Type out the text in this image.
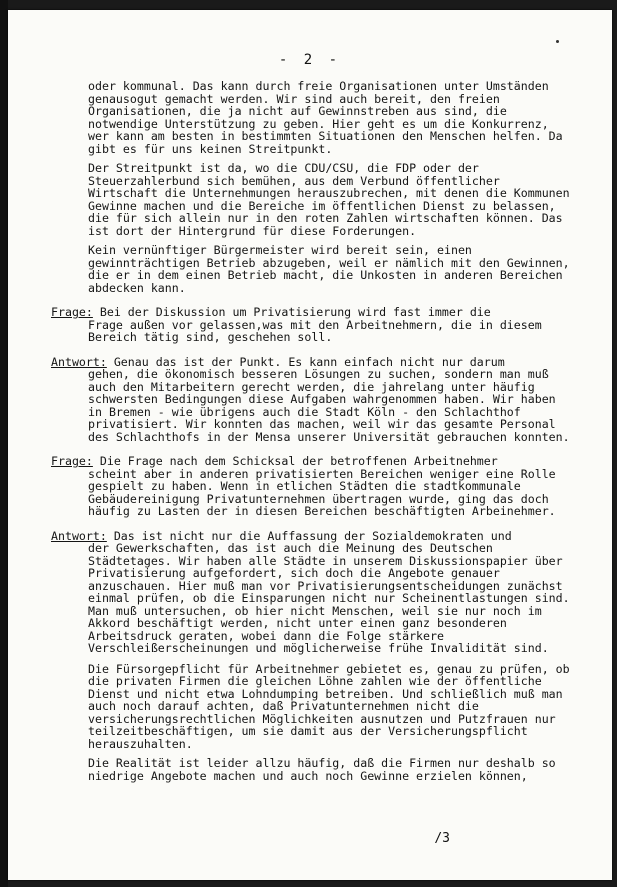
- 2 -

oder kommunal. Das kann durch freie Organisationen unter Umständen genausogut gemacht werden. Wir sind auch bereit, den freien Organisationen, die ja nicht auf Gewinnstreben aus sind, die notwendige Unterstützung zu geben. Hier geht es um die Konkurrenz, wer kann am besten in bestimmten Situationen den Menschen helfen. Da gibt es für uns keinen Streitpunkt.

Der Streitpunkt ist da, wo die CDU/CSU, die FDP oder der Steuerzahlerbund sich bemühen, aus dem Verbund öffentlicher Wirtschaft die Unternehmungen herauszubrechen, mit denen die Kommunen Gewinne machen und die Bereiche im öffentlichen Dienst zu belassen, die für sich allein nur in den roten Zahlen wirtschaften können. Das ist dort der Hintergrund für diese Forderungen.

Kein vernünftiger Bürgermeister wird bereit sein, einen gewinnträchtigen Betrieb abzugeben, weil er nämlich mit den Gewinnen, die er in dem einen Betrieb macht, die Unkosten in anderen Bereichen abdecken kann.

Frage: Bei der Diskussion um Privatisierung wird fast immer die
Frage außen vor gelassen,was mit den Arbeitnehmern, die in diesem Bereich tätig sind, geschehen soll.
Antwort: Genau das ist der Punkt. Es kann einfach nicht nur darum
gehen, die ökonomisch besseren Lösungen zu suchen, sondern man muß auch den Mitarbeitern gerecht werden, die jahrelang unter häufig schwersten Bedingungen diese Aufgaben wahrgenommen haben. Wir haben in Bremen - wie übrigens auch die Stadt Köln - den Schlachthof privatisiert. Wir konnten das machen, weil wir das gesamte Personal des Schlachthofs in der Mensa unserer Universität gebrauchen konnten.
Frage: Die Frage nach dem Schicksal der betroffenen Arbeitnehmer
scheint aber in anderen privatisierten Bereichen weniger eine Rolle gespielt zu haben. Wenn in etlichen Städten die stadtkommunale Gebäudereinigung Privatunternehmen übertragen wurde, ging das doch häufig zu Lasten der in diesen Bereichen beschäftigten Arbeinehmer.
Antwort: Das ist nicht nur die Auffassung der Sozialdemokraten und
der Gewerkschaften, das ist auch die Meinung des Deutschen Städtetages. Wir haben alle Städte in unserem Diskussionspapier über Privatisierung aufgefordert, sich doch die Angebote genauer anzuschauen. Hier muß man vor Privatisierungsentscheidungen zunächst einmal prüfen, ob die Einsparungen nicht nur Scheinentlastungen sind. Man muß untersuchen, ob hier nicht Menschen, weil sie nur noch im Akkord beschäftigt werden, nicht unter einen ganz besonderen Arbeitsdruck geraten, wobei dann die Folge stärkere Verschleißerscheinungen und möglicherweise frühe Invalidität sind.

Die Fürsorgepflicht für Arbeitnehmer gebietet es, genau zu prüfen, ob die privaten Firmen die gleichen Löhne zahlen wie der öffentliche Dienst und nicht etwa Lohndumping betreiben. Und schließlich muß man auch noch darauf achten, daß Privatunternehmen nicht die versicherungsrechtlichen Möglichkeiten ausnutzen und Putzfrauen nur teilzeitbeschäftigen, um sie damit aus der Versicherungspflicht herauszuhalten.

Die Realität ist leider allzu häufig, daß die Firmen nur deshalb so niedrige Angebote machen und auch noch Gewinne erzielen können,

/3
